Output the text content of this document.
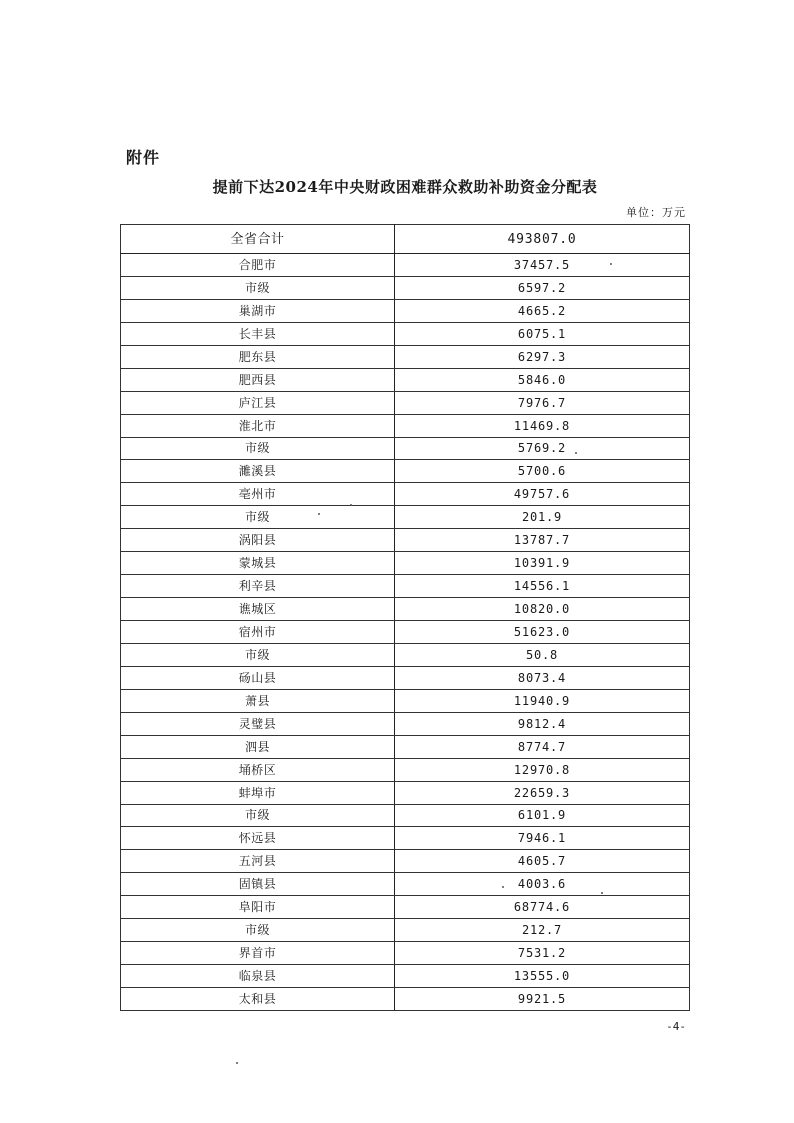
附件
提前下达2024年中央财政困难群众救助补助资金分配表
单位：万元
全省合计	493807.0
合肥市	37457.5
市级	6597.2
巢湖市	4665.2
长丰县	6075.1
肥东县	6297.3
肥西县	5846.0
庐江县	7976.7
淮北市	11469.8
市级	5769.2
濉溪县	5700.6
亳州市	49757.6
市级	201.9
涡阳县	13787.7
蒙城县	10391.9
利辛县	14556.1
谯城区	10820.0
宿州市	51623.0
市级	50.8
砀山县	8073.4
萧县	11940.9
灵璧县	9812.4
泗县	8774.7
埇桥区	12970.8
蚌埠市	22659.3
市级	6101.9
怀远县	7946.1
五河县	4605.7
固镇县	4003.6
阜阳市	68774.6
市级	212.7
界首市	7531.2
临泉县	13555.0
太和县	9921.5
-4-
